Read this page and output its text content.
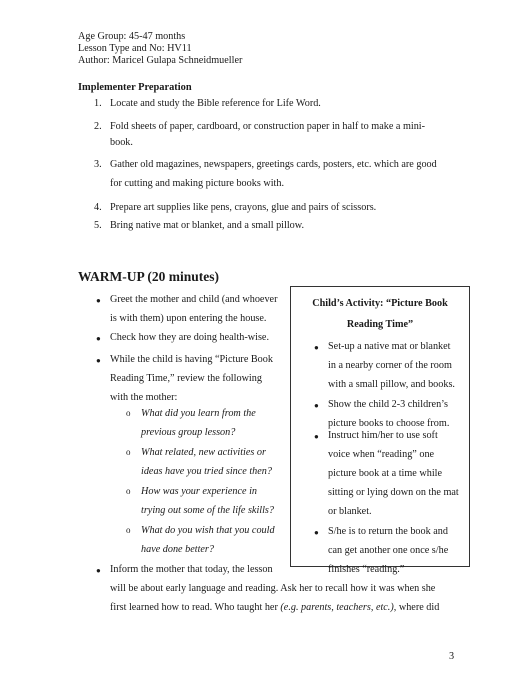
Age Group: 45-47 months
Lesson Type and No: HV11
Author: Maricel Gulapa Schneidmueller
Implementer Preparation
1. Locate and study the Bible reference for Life Word.
2. Fold sheets of paper, cardboard, or construction paper in half to make a mini-
book.
3. Gather old magazines, newspapers, greetings cards, posters, etc. which are good
for cutting and making picture books with.
4. Prepare art supplies like pens, crayons, glue and pairs of scissors.
5. Bring native mat or blanket, and a small pillow.
WARM-UP (20 minutes)
● Greet the mother and child (and whoever
is with them) upon entering the house.
● Check how they are doing health-wise.
● While the child is having “Picture Book
Reading Time,” review the following
with the mother:
o What did you learn from the
previous group lesson?
o What related, new activities or
ideas have you tried since then?
o How was your experience in
trying out some of the life skills?
o What do you wish that you could
have done better?
● Inform the mother that today, the lesson
will be about early language and reading. Ask her to recall how it was when she
first learned how to read. Who taught her (e.g. parents, teachers, etc.), where did
Child’s Activity: “Picture Book
Reading Time”
● Set-up a native mat or blanket
in a nearby corner of the room
with a small pillow, and books.
● Show the child 2-3 children’s
picture books to choose from.
● Instruct him/her to use soft
voice when “reading” one
picture book at a time while
sitting or lying down on the mat
or blanket.
● S/he is to return the book and
can get another one once s/he
finishes “reading.”
3
